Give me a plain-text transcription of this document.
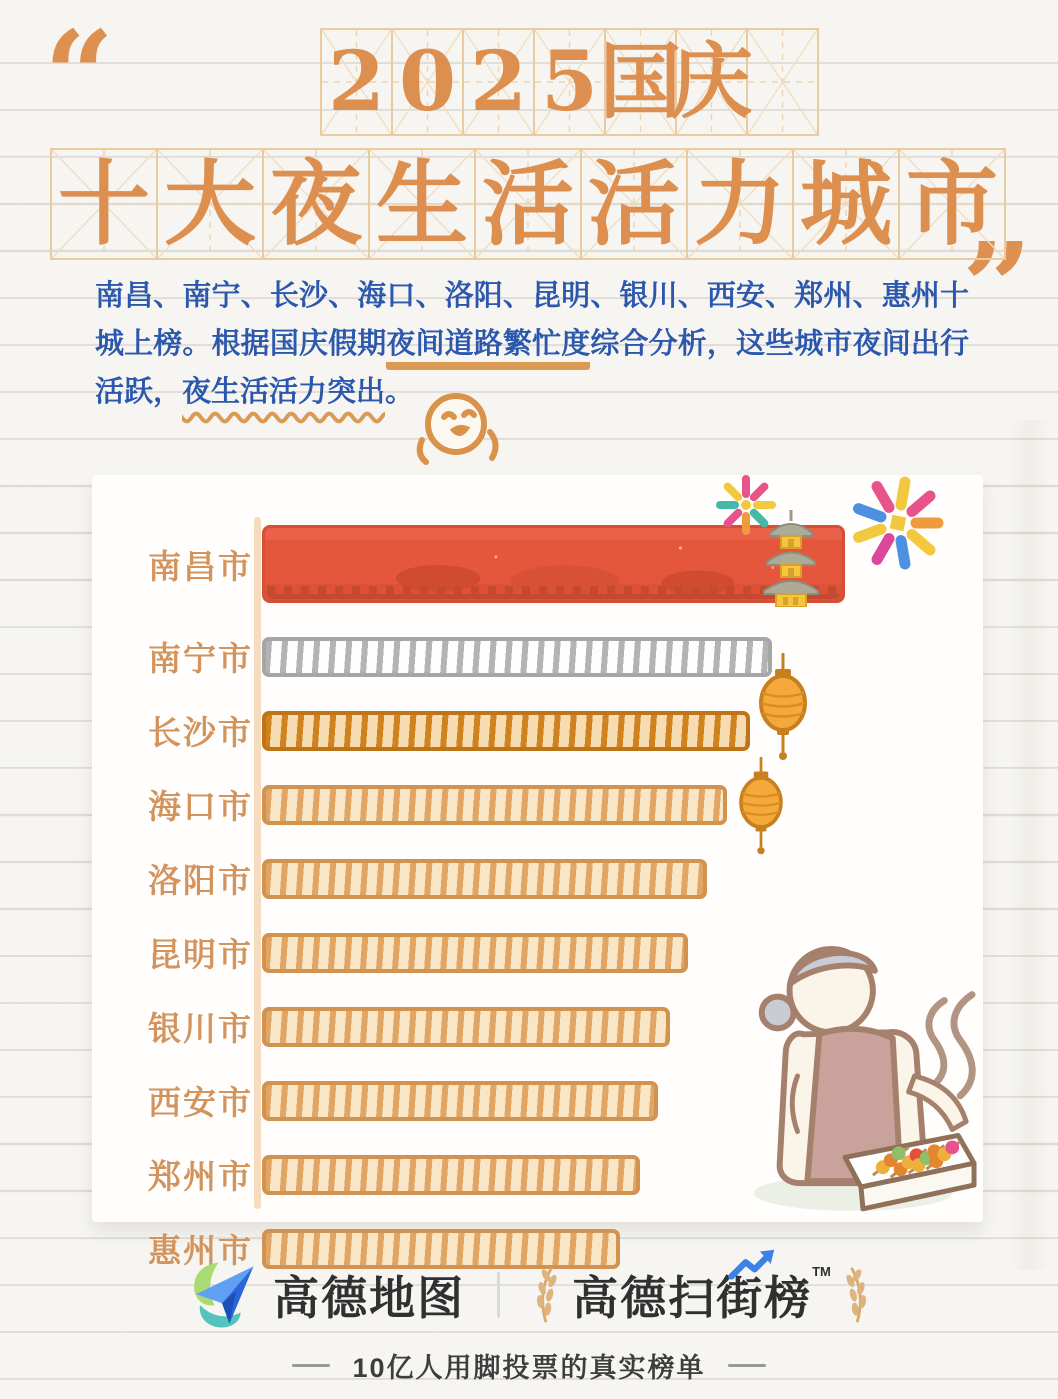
“
”
2 0 2 5 国
庆
十 大 夜 生 活 活 力 城 市
南昌、南宁、长沙、海口、洛阳、昆明、银川、西安、郑州、惠州十
城上榜。根据国庆假期夜间道路繁忙度综合分析，这些城市夜间出行
活跃，夜生活活力突出。
南昌市
南宁市
长沙市
海口市
洛阳市
昆明市
银川市
西安市
郑州市
惠州市
高德地图 高德扫街榜
TM
10亿人用脚投票的真实榜单
